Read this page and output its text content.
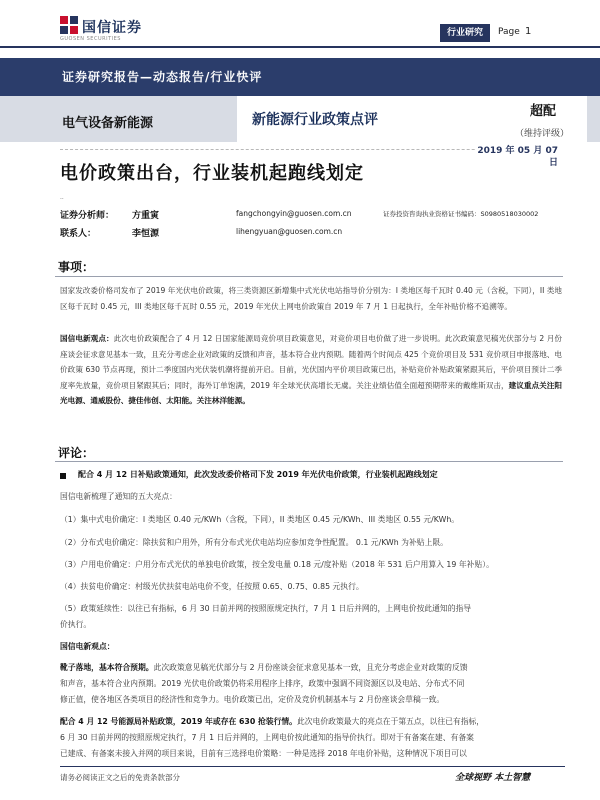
国信证券
GUOSEN SECURITIES
行业研究	Page 1
证券研究报告—动态报告/行业快评
电气设备新能源	新能源行业政策点评
超配
（维持评级）
2019 年 05 月 07 日
电价政策出台，行业装机起跑线划定
··
证券分析师： 方重寅	fangchongyin@guosen.com.cn	证券投资咨询执业资格证书编码：S0980518030002
联系人：	李恒源	lihengyuan@guosen.com.cn
事项：

国家发改委价格司发布了 2019 年光伏电价政策，将三类资源区新增集中式光伏电站指导价分别为：I 类地区每千瓦时 0.40 元（含税，下同），II 类地区每千瓦时 0.45 元，III 类地区每千瓦时 0.55 元，2019 年光伏上网电价政策自 2019 年 7 月 1 日起执行，全年补贴价格不追溯等。

国信电新观点：此次电价政策配合了 4 月 12 日国家能源局竞价项目政策意见，对竞价项目电价做了进一步说明。此次政策意见稿光伏部分与 2 月份座谈会征求意见基本一致，且充分考虑企业对政策的反馈和声音，基本符合业内预期。随着两个时间点 425 个竞价项目及 531 竞价项目申报落地、电价政策 630 节点再现，预计二季度国内光伏装机潮将提前开启。目前，光伏国内平价项目政策已出，补贴竞价补贴政策紧跟其后，平价项目预计二季度率先放量，竞价项目紧跟其后；同时，海外订单饱满，2019 年全球光伏高增长无虞。关注业绩估值全面超预期带来的戴维斯双击，建议重点关注阳光电源、通威股份、捷佳伟创、太阳能。关注林洋能源。

评论：
配合 4 月 12 日补贴政策通知，此次发改委价格司下发 2019 年光伏电价政策，行业装机起跑线划定
国信电新梳理了通知的五大亮点：
（1）集中式电价确定：I 类地区 0.40 元/KWh（含税，下同），II 类地区 0.45 元/KWh、III 类地区 0.55 元/KWh。
（2）分布式电价确定：除扶贫和户用外，所有分布式光伏电站均应参加竞争性配置。 0.1 元/KWh 为补贴上限。
（3）户用电价确定：户用分布式光伏的单独电价政策，按全发电量 0.18 元/度补贴（2018 年 531 后户用算入 19 年补贴）。
（4）扶贫电价确定：村级光伏扶贫电站电价不变，任按照 0.65、0.75、0.85 元执行。
（5）政策延续性：以往已有指标，6 月 30 日前并网的按照原规定执行，7 月 1 日后并网的，上网电价按此通知的指导
价执行。
国信电新观点：
靴子落地，基本符合预期。此次政策意见稿光伏部分与 2 月份座谈会征求意见基本一致，且充分考虑企业对政策的反馈
和声音，基本符合业内预期。2019 光伏电价政策仍将采用程序上排序，政策中强调不同资源区以及电站、分布式不同
修正值，使各地区各类项目的经济性和竞争力。电价政策已出，定价及竞价机制基本与 2 月份座谈会草稿一致。
配合 4 月 12 号能源局补贴政策，2019 年或存在 630 抢装行情。此次电价政策最大的亮点在于第五点，以往已有指标，
6 月 30 日前并网的按照原规定执行，7 月 1 日后并网的，上网电价按此通知的指导价执行。即对于有备案在建、有备案
已建成、有备案未接入并网的项目来说，目前有三选择电价策略：一种是选择 2018 年电价补贴，这种情况下项目可以
请务必阅读正文之后的免责条款部分	全球视野 本土智慧
